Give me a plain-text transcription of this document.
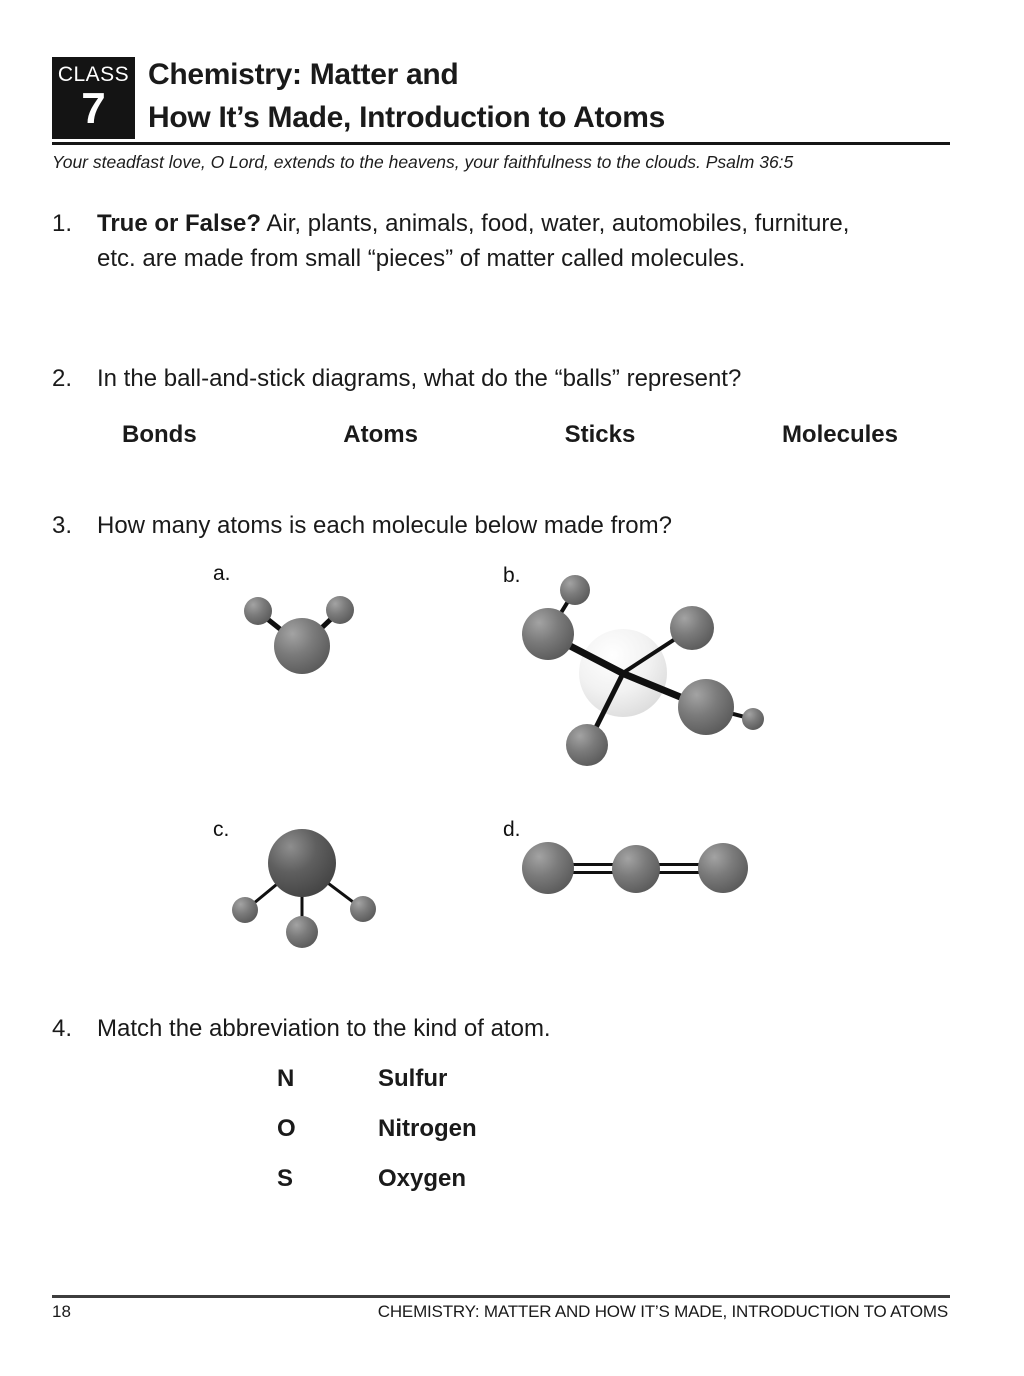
CLASS
7
Chemistry: Matter and
How It’s Made, Introduction to Atoms
Your steadfast love, O Lord, extends to the heavens, your faithfulness to the clouds. Psalm 36:5
1. True or False? Air, plants, animals, food, water, automobiles, furniture, etc. are made from small “pieces” of matter called molecules.
2. In the ball-and-stick diagrams, what do the “balls” represent?
Bonds	Atoms	Sticks	Molecules
3. How many atoms is each molecule below made from?
a.	b.
c.	d.
4. Match the abbreviation to the kind of atom.
N	Sulfur
O	Nitrogen
S	Oxygen
18	CHEMISTRY: MATTER AND HOW IT’S MADE, INTRODUCTION TO ATOMS
